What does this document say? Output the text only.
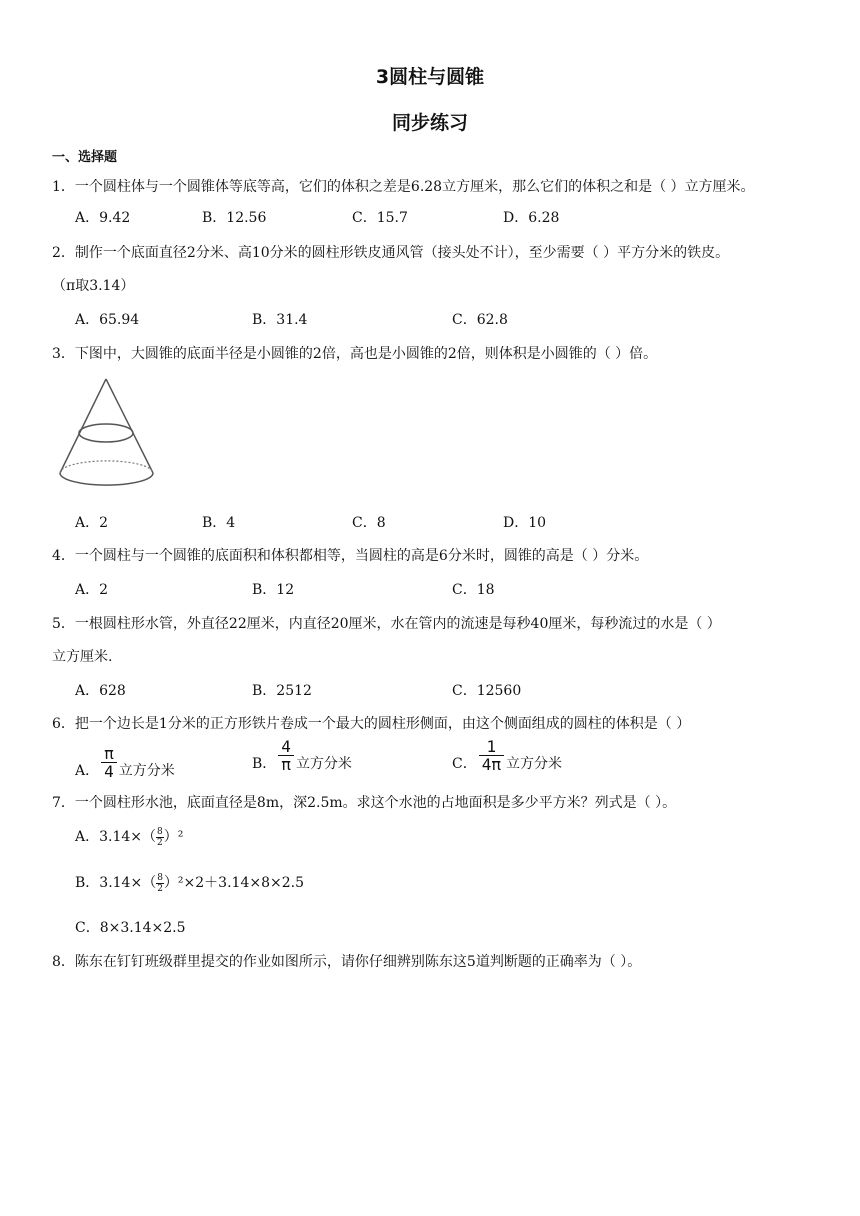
3圆柱与圆锥
同步练习
一、选择题
1．一个圆柱体与一个圆锥体等底等高，它们的体积之差是6.28立方厘米，那么它们的体积之和是（ ）立方厘米。
A．9.42	B．12.56	C．15.7	D．6.28
2．制作一个底面直径2分米、高10分米的圆柱形铁皮通风管（接头处不计），至少需要（ ）平方分米的铁皮。
（π取3.14）
A．65.94	B．31.4	C．62.8
3．下图中，大圆锥的底面半径是小圆锥的2倍，高也是小圆锥的2倍，则体积是小圆锥的（ ）倍。
A．2	B．4	C．8	D．10
4．一个圆柱与一个圆锥的底面积和体积都相等，当圆柱的高是6分米时，圆锥的高是（ ）分米。
A．2	B．12	C．18
5．一根圆柱形水管，外直径22厘米，内直径20厘米，水在管内的流速是每秒40厘米，每秒流过的水是（ ）
立方厘米.
A．628	B．2512	C．12560
6．把一个边长是1分米的正方形铁片卷成一个最大的圆柱形侧面，由这个侧面组成的圆柱的体积是（ ）
A． $\frac{\pi}{4}$ 立方分米	B． $\frac{4}{\pi}$ 立方分米	C． $\frac{1}{4\pi}$ 立方分米
7．一个圆柱形水池，底面直径是8m，深2.5m。求这个水池的占地面积是多少平方米？列式是（ ）。
A．$3.14\times( \frac{8}{2} )^2$
B．$3.14\times( \frac{8}{2} )^2\times 2+3.14\times 8\times 2.5$
C．8×3.14×2.5
8．陈东在钉钉班级群里提交的作业如图所示，请你仔细辨别陈东这5道判断题的正确率为（ ）。
